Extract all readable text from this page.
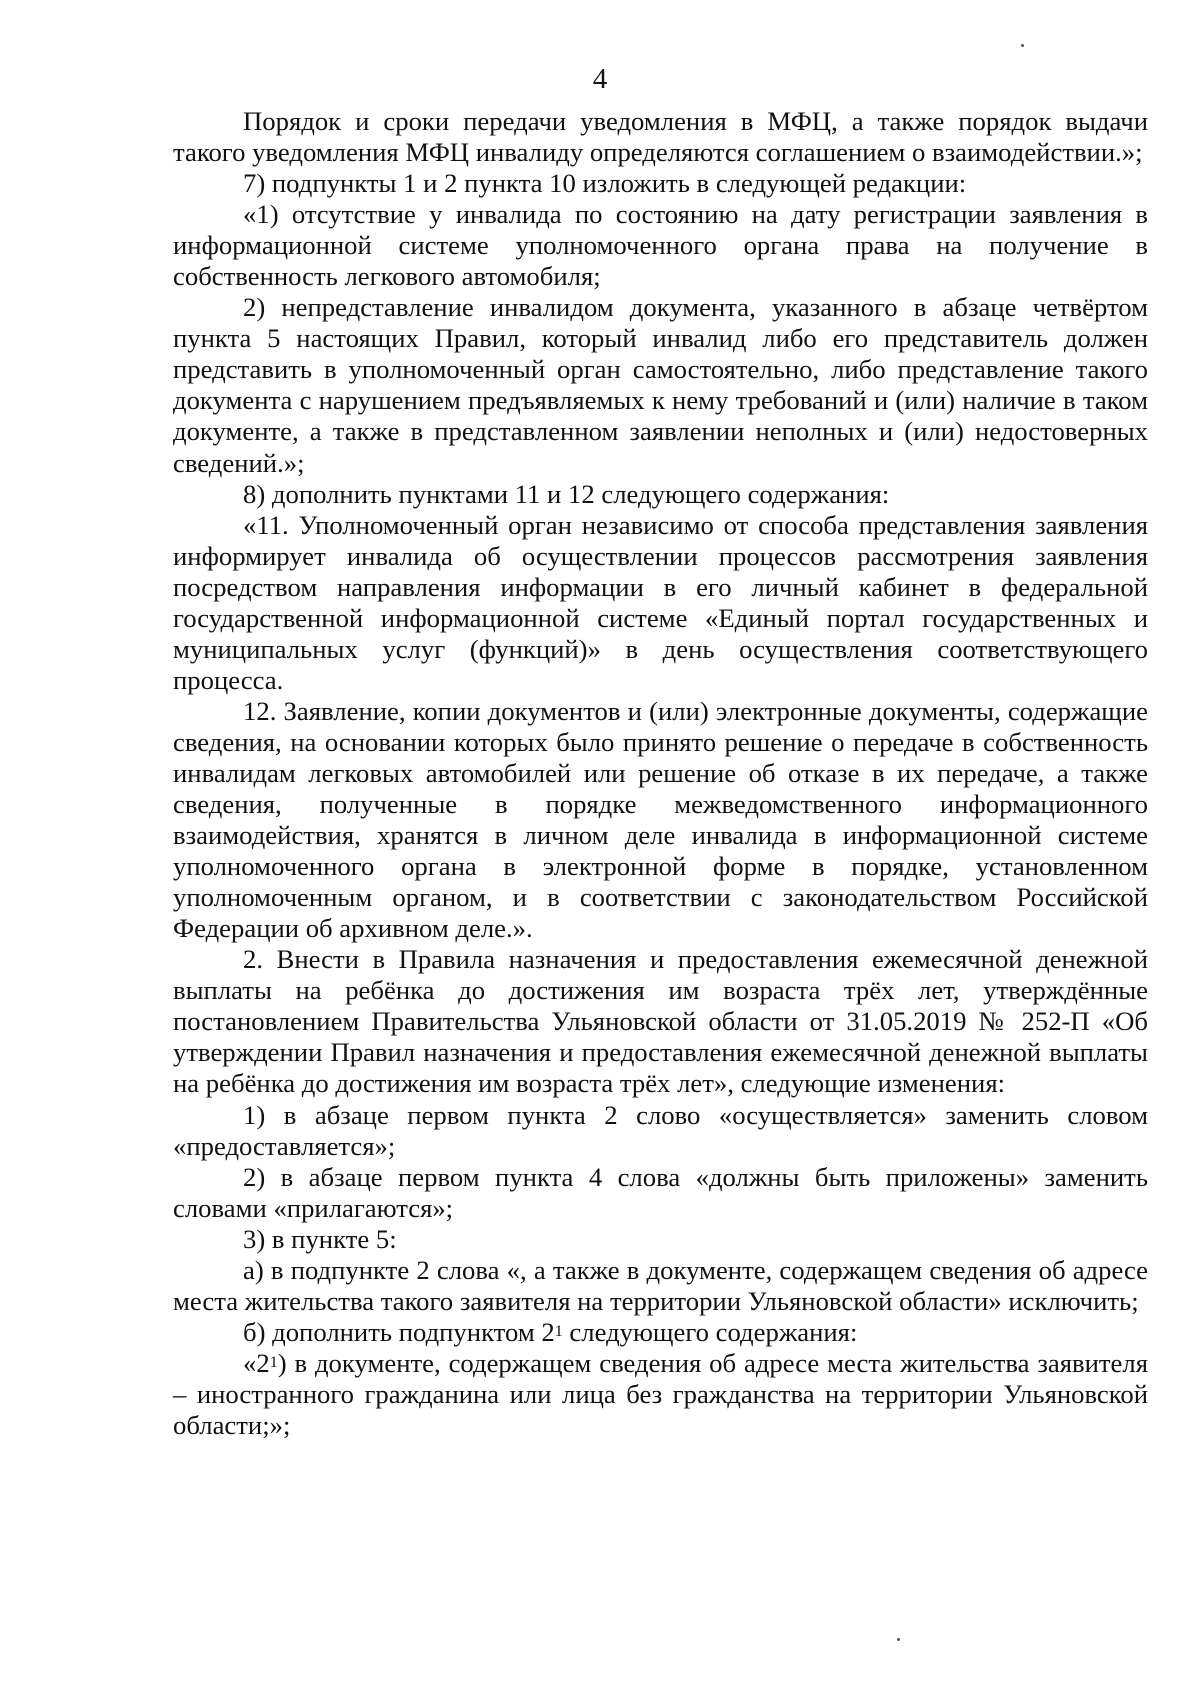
4

Порядок и сроки передачи уведомления в МФЦ, а также порядок выдачи такого уведомления МФЦ инвалиду определяются соглашением о взаимодействии.»;

7) подпункты 1 и 2 пункта 10 изложить в следующей редакции:

«1) отсутствие у инвалида по состоянию на дату регистрации заявления в информационной системе уполномоченного органа права на получение в собственность легкового автомобиля;

2) непредставление инвалидом документа, указанного в абзаце четвёртом пункта 5 настоящих Правил, который инвалид либо его представитель должен представить в уполномоченный орган самостоятельно, либо представление такого документа с нарушением предъявляемых к нему требований и (или) наличие в таком документе, а также в представленном заявлении неполных и (или) недостоверных сведений.»;

8) дополнить пунктами 11 и 12 следующего содержания:

«11. Уполномоченный орган независимо от способа представления заявления информирует инвалида об осуществлении процессов рассмотрения заявления посредством направления информации в его личный кабинет в федеральной государственной информационной системе «Единый портал государственных и муниципальных услуг (функций)» в день осуществления соответствующего процесса.

12. Заявление, копии документов и (или) электронные документы, содержащие сведения, на основании которых было принято решение о передаче в собственность инвалидам легковых автомобилей или решение об отказе в их передаче, а также сведения, полученные в порядке межведомственного информационного взаимодействия, хранятся в личном деле инвалида в информационной системе уполномоченного органа в электронной форме в порядке, установленном уполномоченным органом, и в соответствии с законодательством Российской Федерации об архивном деле.».

2. Внести в Правила назначения и предоставления ежемесячной денежной выплаты на ребёнка до достижения им возраста трёх лет, утверждённые постановлением Правительства Ульяновской области от 31.05.2019 № 252-П «Об утверждении Правил назначения и предоставления ежемесячной денежной выплаты на ребёнка до достижения им возраста трёх лет», следующие изменения:

1) в абзаце первом пункта 2 слово «осуществляется» заменить словом «предоставляется»;

2) в абзаце первом пункта 4 слова «должны быть приложены» заменить словами «прилагаются»;

3) в пункте 5:

а) в подпункте 2 слова «, а также в документе, содержащем сведения об адресе места жительства такого заявителя на территории Ульяновской области» исключить;

б) дополнить подпунктом $2^1$ следующего содержания:

«$2^1$) в документе, содержащем сведения об адресе места жительства заявителя – иностранного гражданина или лица без гражданства на территории Ульяновской области;»;
